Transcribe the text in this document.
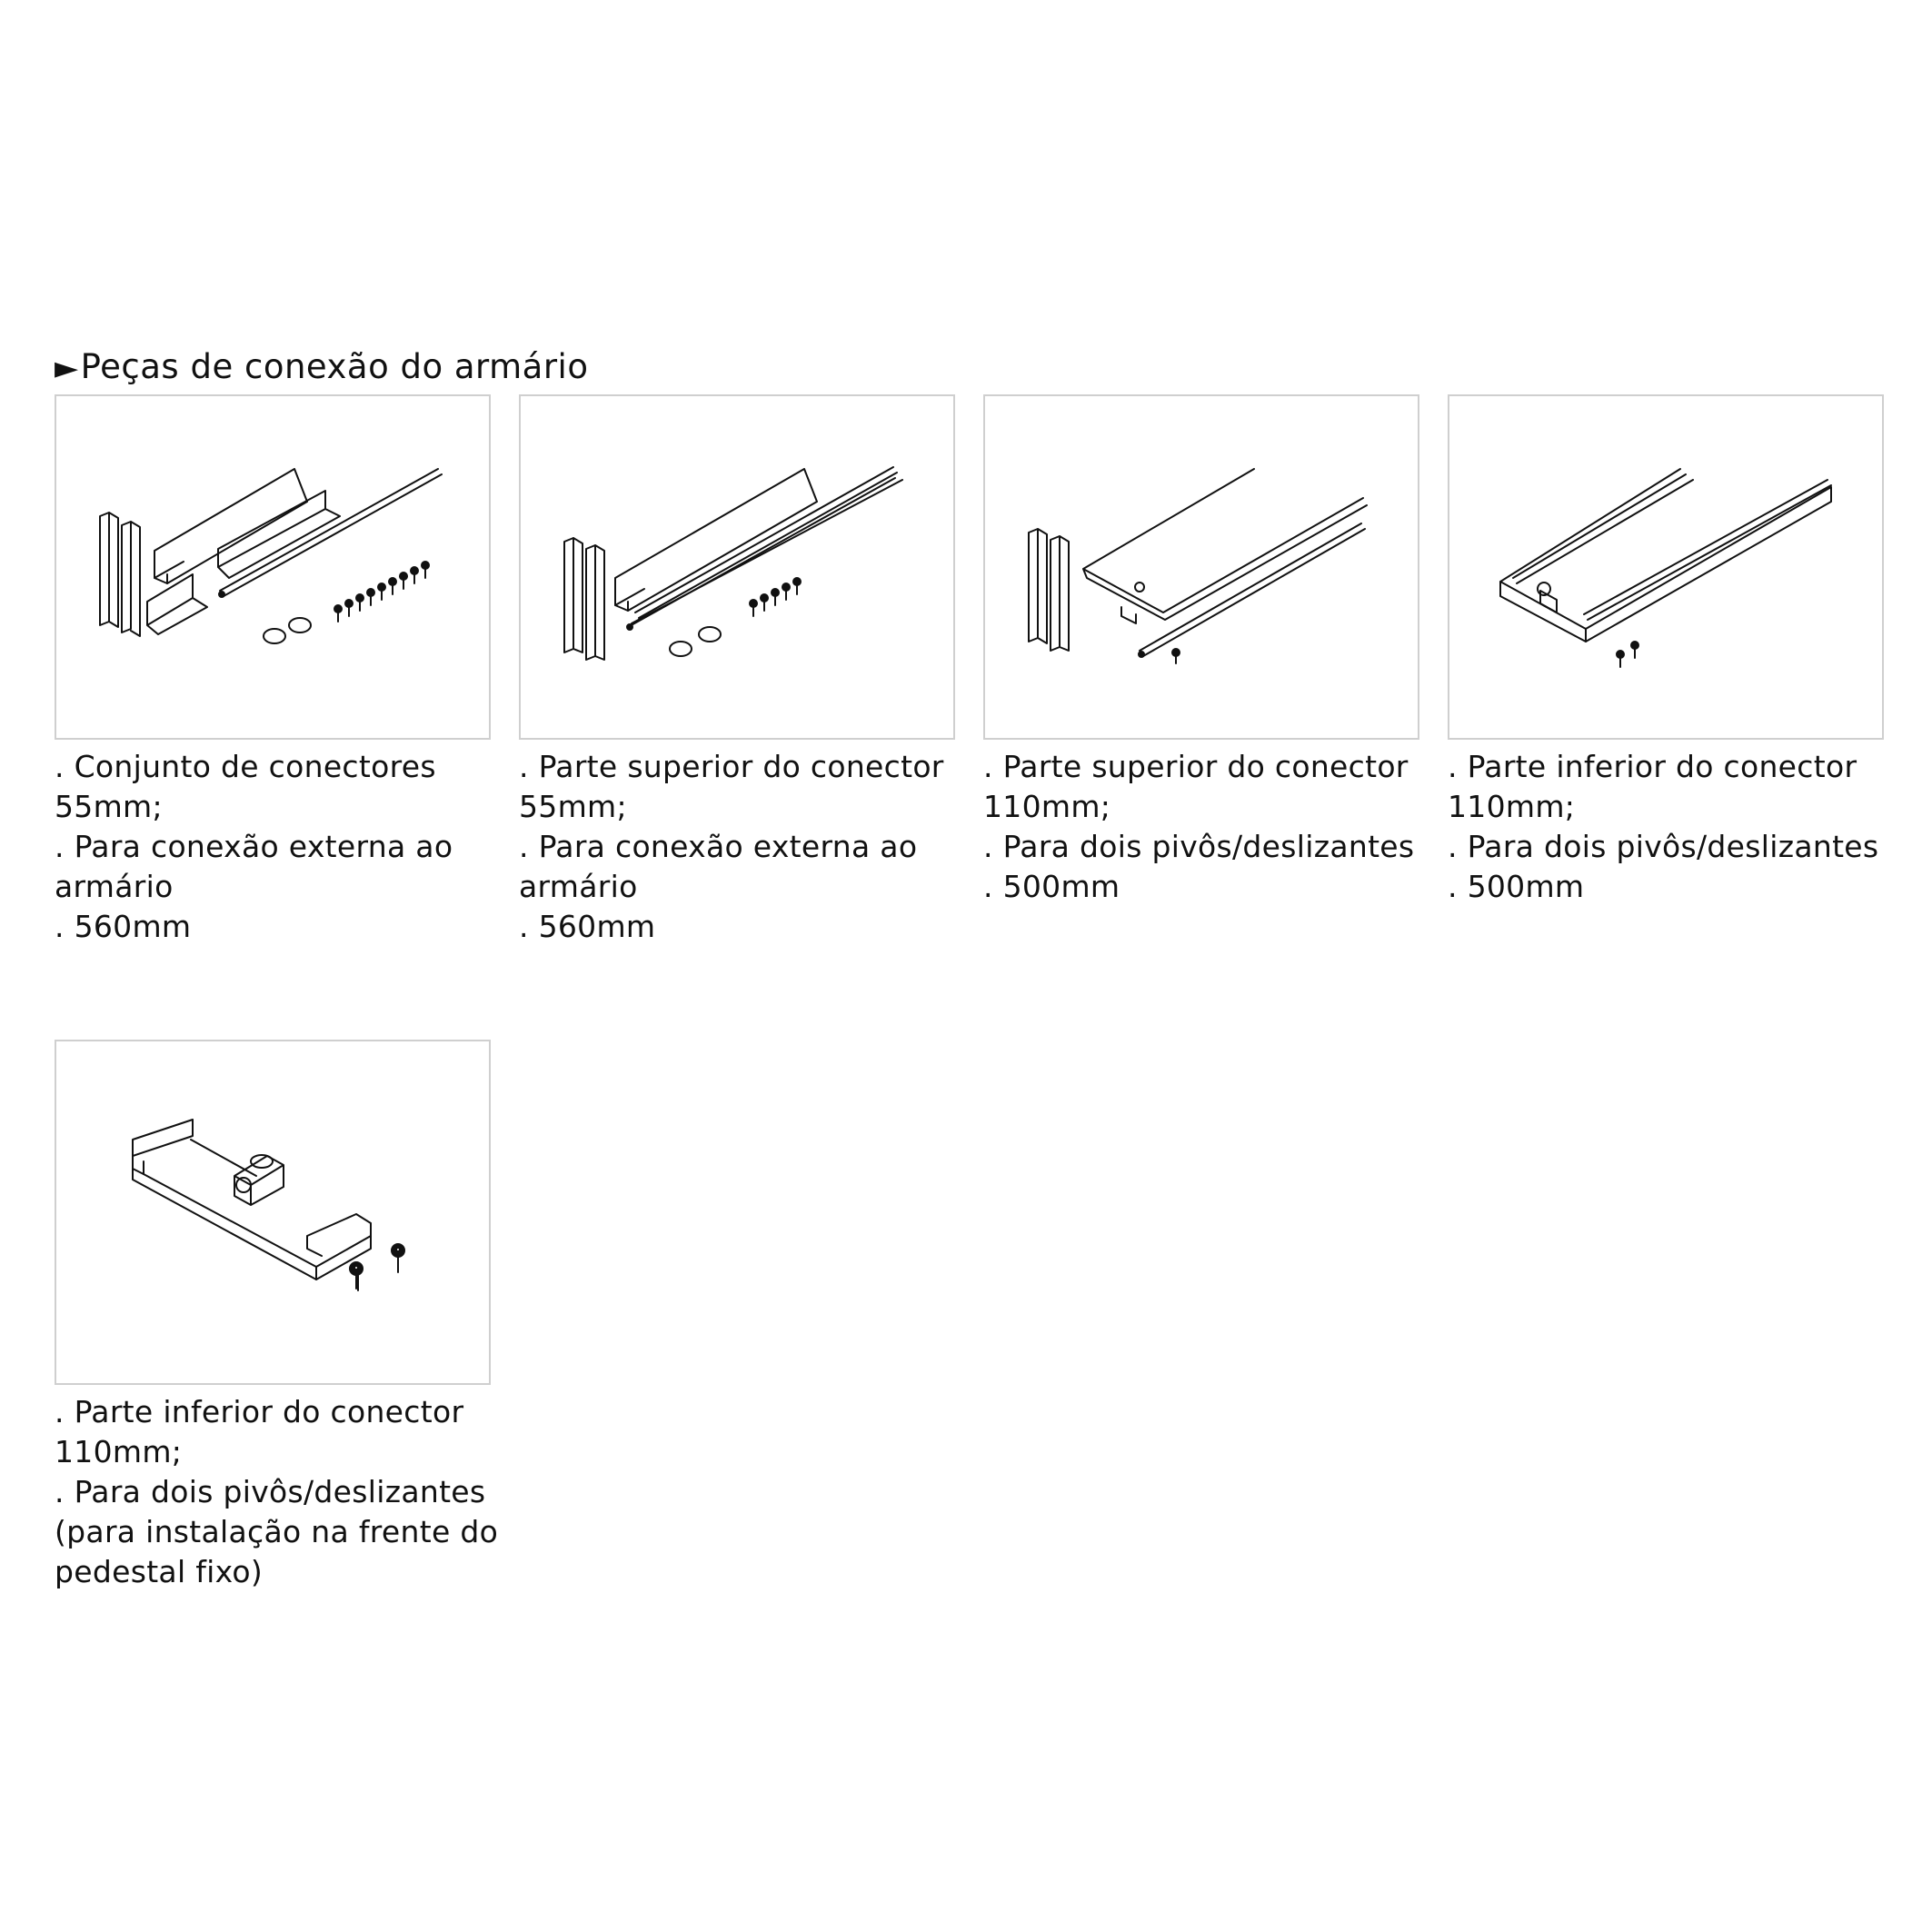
►Peças de conexão do armário
. Conjunto de conectores
55mm;
. Para conexão externa ao
armário
. 560mm
. Parte superior do conector
55mm;
. Para conexão externa ao
armário
. 560mm
. Parte superior do conector
110mm;
. Para dois pivôs/deslizantes
. 500mm
. Parte inferior do conector
110mm;
. Para dois pivôs/deslizantes
. 500mm
. Parte inferior do conector
110mm;
. Para dois pivôs/deslizantes
(para instalação na frente do
pedestal fixo)
